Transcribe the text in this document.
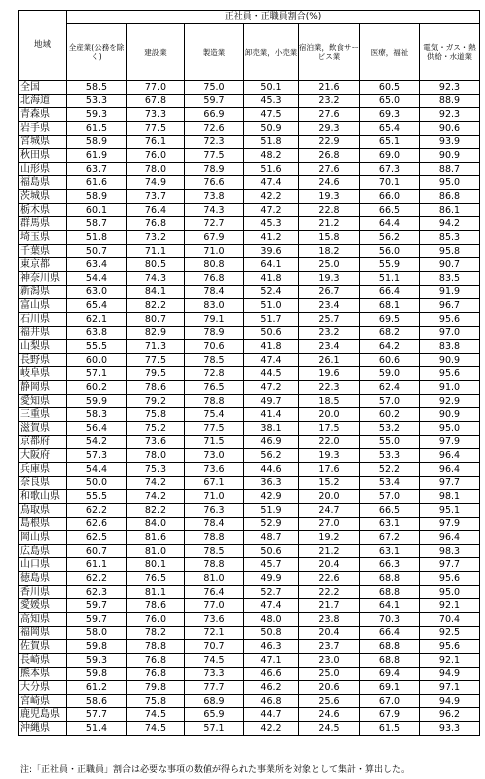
地域	正社員・正職員割合(%)						
	全産業(公務を除く)	建設業	製造業	卸売業，小売業	宿泊業，飲食サービス業	医療，福祉	電気・ガス・熱供給・水道業
全国	58.5	77.0	75.0	50.1	21.6	60.5	92.3
北海道	53.3	67.8	59.7	45.3	23.2	65.0	88.9
青森県	59.3	73.3	66.9	47.5	27.6	69.3	92.3
岩手県	61.5	77.5	72.6	50.9	29.3	65.4	90.6
宮城県	58.9	76.1	72.3	51.8	22.9	65.1	93.9
秋田県	61.9	76.0	77.5	48.2	26.8	69.0	90.9
山形県	63.7	78.0	78.9	51.6	27.6	67.3	88.7
福島県	61.6	74.9	76.6	47.4	24.6	70.1	95.0
茨城県	58.9	73.7	73.8	42.2	19.3	66.0	86.8
栃木県	60.1	76.4	74.3	47.2	22.8	66.5	86.1
群馬県	58.7	76.8	72.7	45.3	21.2	64.4	94.2
埼玉県	51.8	73.2	67.9	41.2	15.8	56.2	85.3
千葉県	50.7	71.1	71.0	39.6	18.2	56.0	95.8
東京都	63.4	80.5	80.8	64.1	25.0	55.9	90.7
神奈川県	54.4	74.3	76.8	41.8	19.3	51.1	83.5
新潟県	63.0	84.1	78.4	52.4	26.7	66.4	91.9
富山県	65.4	82.2	83.0	51.0	23.4	68.1	96.7
石川県	62.1	80.7	79.1	51.7	25.7	69.5	95.6
福井県	63.8	82.9	78.9	50.6	23.2	68.2	97.0
山梨県	55.5	71.3	70.6	41.8	23.4	64.2	83.8
長野県	60.0	77.5	78.5	47.4	26.1	60.6	90.9
岐阜県	57.1	79.5	72.8	44.5	19.6	59.0	95.6
静岡県	60.2	78.6	76.5	47.2	22.3	62.4	91.0
愛知県	59.9	79.2	78.8	49.7	18.5	57.0	92.9
三重県	58.3	75.8	75.4	41.4	20.0	60.2	90.9
滋賀県	56.4	75.2	77.5	38.1	17.5	53.2	95.0
京都府	54.2	73.6	71.5	46.9	22.0	55.0	97.9
大阪府	57.3	78.0	73.0	56.2	19.3	53.3	96.4
兵庫県	54.4	75.3	73.6	44.6	17.6	52.2	96.4
奈良県	50.0	74.2	67.1	36.3	15.2	53.4	97.7
和歌山県	55.5	74.2	71.0	42.9	20.0	57.0	98.1
鳥取県	62.2	82.2	76.3	51.9	24.7	66.5	95.1
島根県	62.6	84.0	78.4	52.9	27.0	63.1	97.9
岡山県	62.5	81.6	78.8	48.7	19.2	67.2	96.4
広島県	60.7	81.0	78.5	50.6	21.2	63.1	98.3
山口県	61.1	80.1	78.8	45.7	20.4	66.3	97.7
徳島県	62.2	76.5	81.0	49.9	22.6	68.8	95.6
香川県	62.3	81.1	76.4	52.7	22.2	68.8	95.0
愛媛県	59.7	78.6	77.0	47.4	21.7	64.1	92.1
高知県	59.7	76.0	73.6	48.0	23.8	70.3	70.4
福岡県	58.0	78.2	72.1	50.8	20.4	66.4	92.5
佐賀県	59.8	78.8	70.7	46.3	23.7	68.8	95.6
長崎県	59.3	76.8	74.5	47.1	23.0	68.8	92.1
熊本県	59.8	76.8	73.3	46.6	25.0	69.4	94.9
大分県	61.2	79.8	77.7	46.2	20.6	69.1	97.1
宮崎県	58.6	75.8	68.9	46.8	25.6	67.0	94.9
鹿児島県	57.7	74.5	65.9	44.7	24.6	67.9	96.2
沖縄県	51.4	74.5	57.1	42.2	24.5	61.5	93.3
注:「正社員・正職員」割合は必要な事項の数値が得られた事業所を対象として集計・算出した。
